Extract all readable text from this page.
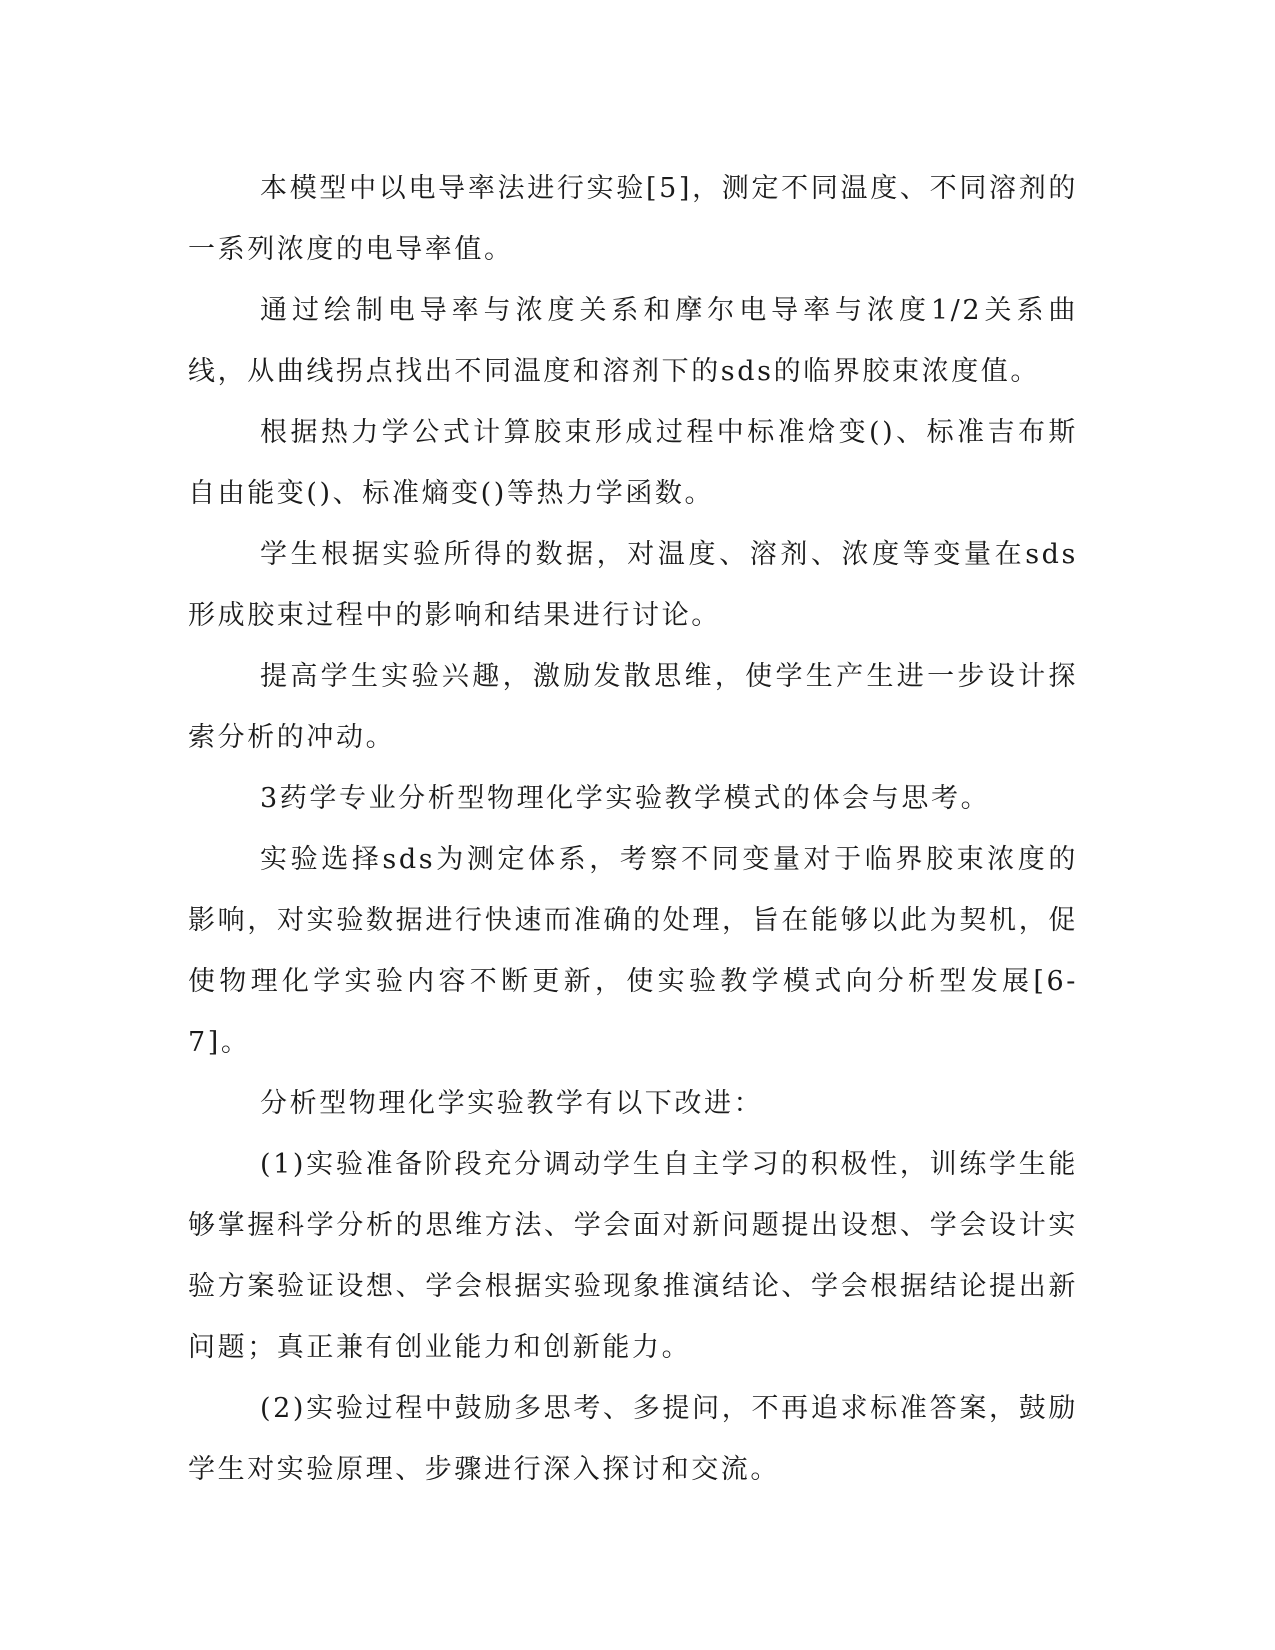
本模型中以电导率法进行实验[5]，测定不同温度、不同溶剂的一系列浓度的电导率值。

通过绘制电导率与浓度关系和摩尔电导率与浓度1/2关系曲线，从曲线拐点找出不同温度和溶剂下的sds的临界胶束浓度值。

根据热力学公式计算胶束形成过程中标准焓变()、标准吉布斯自由能变()、标准熵变()等热力学函数。

学生根据实验所得的数据，对温度、溶剂、浓度等变量在sds形成胶束过程中的影响和结果进行讨论。

提高学生实验兴趣，激励发散思维，使学生产生进一步设计探索分析的冲动。

3药学专业分析型物理化学实验教学模式的体会与思考。

实验选择sds为测定体系，考察不同变量对于临界胶束浓度的影响，对实验数据进行快速而准确的处理，旨在能够以此为契机，促使物理化学实验内容不断更新，使实验教学模式向分析型发展[6-7]。

分析型物理化学实验教学有以下改进：

(1)实验准备阶段充分调动学生自主学习的积极性，训练学生能够掌握科学分析的思维方法、学会面对新问题提出设想、学会设计实验方案验证设想、学会根据实验现象推演结论、学会根据结论提出新问题；真正兼有创业能力和创新能力。

(2)实验过程中鼓励多思考、多提问，不再追求标准答案，鼓励学生对实验原理、步骤进行深入探讨和交流。
